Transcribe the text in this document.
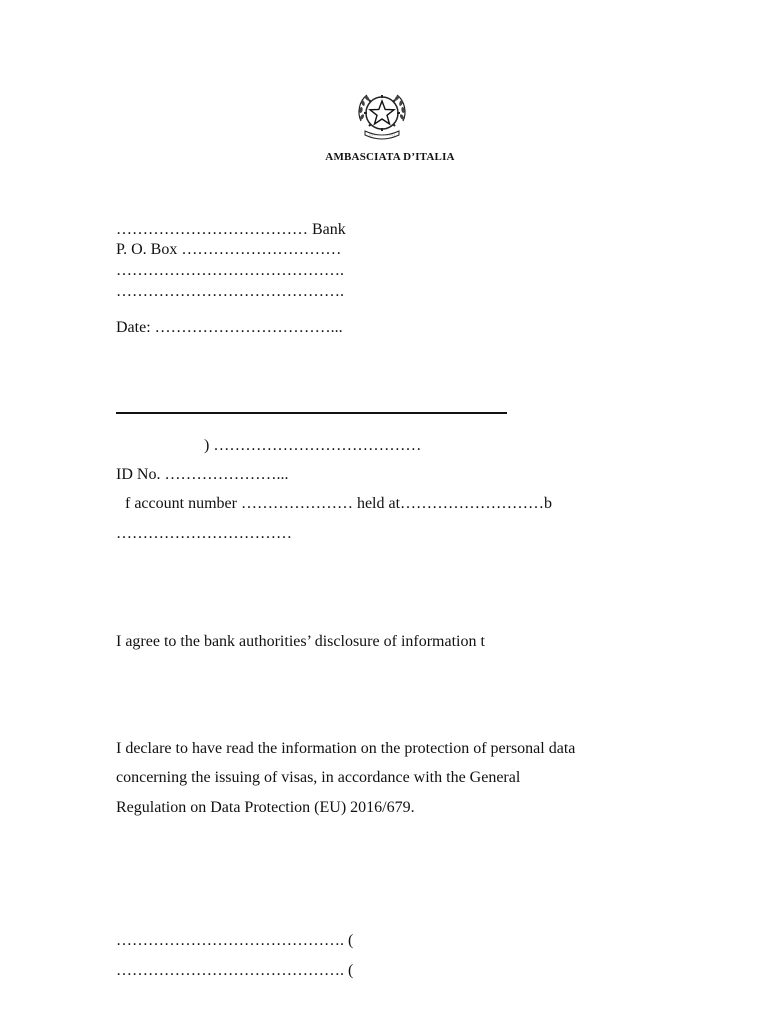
AMBASCIATA D’ITALIA
……………………………… Bank
P. O. Box …………………………
…………………………………….
…………………………………….
Date: ……………………………...
) …………………………………
ID No. …………………...
f account number ………………… held at………………………b
……………………………
I agree to the bank authorities’ disclosure of information t
I declare to have read the information on the protection of personal data
concerning the issuing of visas, in accordance with the General
Regulation on Data Protection (EU) 2016/679.
……………………………………. (
……………………………………. (
